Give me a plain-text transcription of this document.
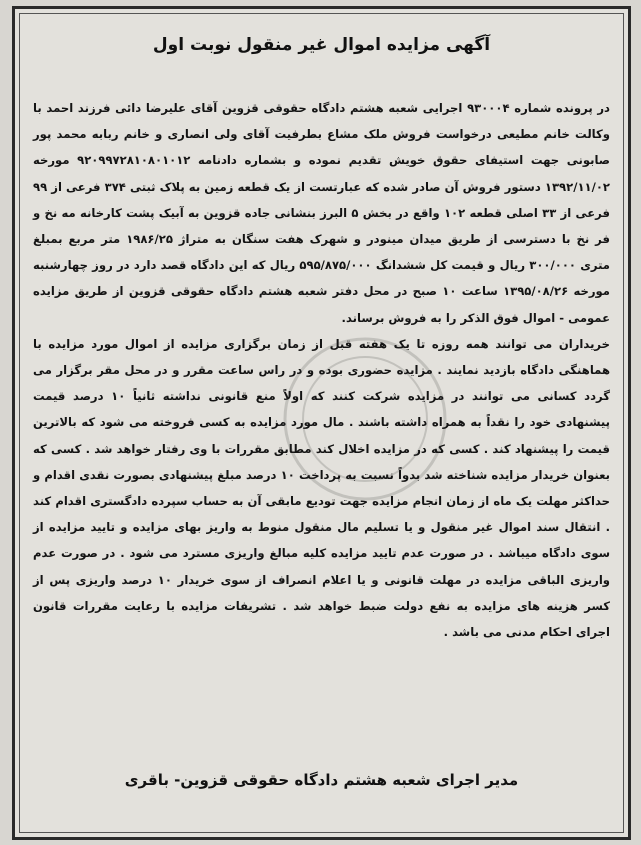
آگهی مزایده اموال غیر منقول نوبت اول

در پرونده شماره ۹۳۰۰۰۴ اجرایی شعبه هشتم دادگاه حقوقی قزوین آقای علیرضا دائی فرزند احمد با وکالت خانم مطیعی درخواست فروش ملک مشاع بطرفیت آقای ولی انصاری و خانم ربابه محمد پور صابونی جهت استیفای حقوق خویش تقدیم نموده و بشماره دادنامه ۹۲۰۹۹۷۲۸۱۰۸۰۱۰۱۲ مورخه ۱۳۹۲/۱۱/۰۲ دستور فروش آن صادر شده که عبارتست از یک قطعه زمین به پلاک ثبتی ۳۷۴ فرعی از ۹۹ فرعی از ۳۳ اصلی قطعه ۱۰۲ واقع در بخش ۵ البرز بنشانی جاده قزوین به آبیک پشت کارخانه مه نخ و فر نخ با دسترسی از طریق میدان مینودر و شهرک هفت سنگان به متراژ ۱۹۸۶/۲۵ متر مربع بمبلغ متری ۳۰۰/۰۰۰ ریال و قیمت کل ششدانگ ۵۹۵/۸۷۵/۰۰۰ ریال که این دادگاه قصد دارد در روز چهارشنبه مورخه ۱۳۹۵/۰۸/۲۶ ساعت ۱۰ صبح در محل دفتر شعبه هشتم دادگاه حقوقی قزوین از طریق مزایده عمومی - اموال فوق الذکر را به فروش برساند.

خریداران می توانند همه روزه تا یک هفته قبل از زمان برگزاری مزایده از اموال مورد مزایده با هماهنگی دادگاه بازدید نمایند . مزایده حضوری بوده و در راس ساعت مقرر و در محل مقر برگزار می گردد کسانی می توانند در مزایده شرکت کنند که اولاً منع قانونی نداشته ثانیاً ۱۰ درصد قیمت پیشنهادی خود را نقداً به همراه داشته باشند . مال مورد مزایده به کسی فروخته می شود که بالاترین قیمت را پیشنهاد کند . کسی که در مزایده اخلال کند مطابق مقررات با وی رفتار خواهد شد . کسی که بعنوان خریدار مزایده شناخته شد بدواً نسبت به پرداخت ۱۰ درصد مبلغ پیشنهادی بصورت نقدی اقدام و حداکثر مهلت یک ماه از زمان انجام مزایده جهت تودیع مابقی آن به حساب سپرده دادگستری اقدام کند . انتقال سند اموال غیر منقول و یا تسلیم مال منقول منوط به واریز بهای مزایده و تایید مزایده از سوی دادگاه میباشد . در صورت عدم تایید مزایده کلیه مبالغ واریزی مسترد می شود . در صورت عدم واریزی الباقی مزایده در مهلت قانونی و یا اعلام انصراف از سوی خریدار ۱۰ درصد واریزی پس از کسر هزینه های مزایده به نفع دولت ضبط خواهد شد . تشریفات مزایده با رعایت مقررات قانون اجرای احکام مدنی می باشد .

مدیر اجرای شعبه هشتم دادگاه حقوقی قزوین- باقری
